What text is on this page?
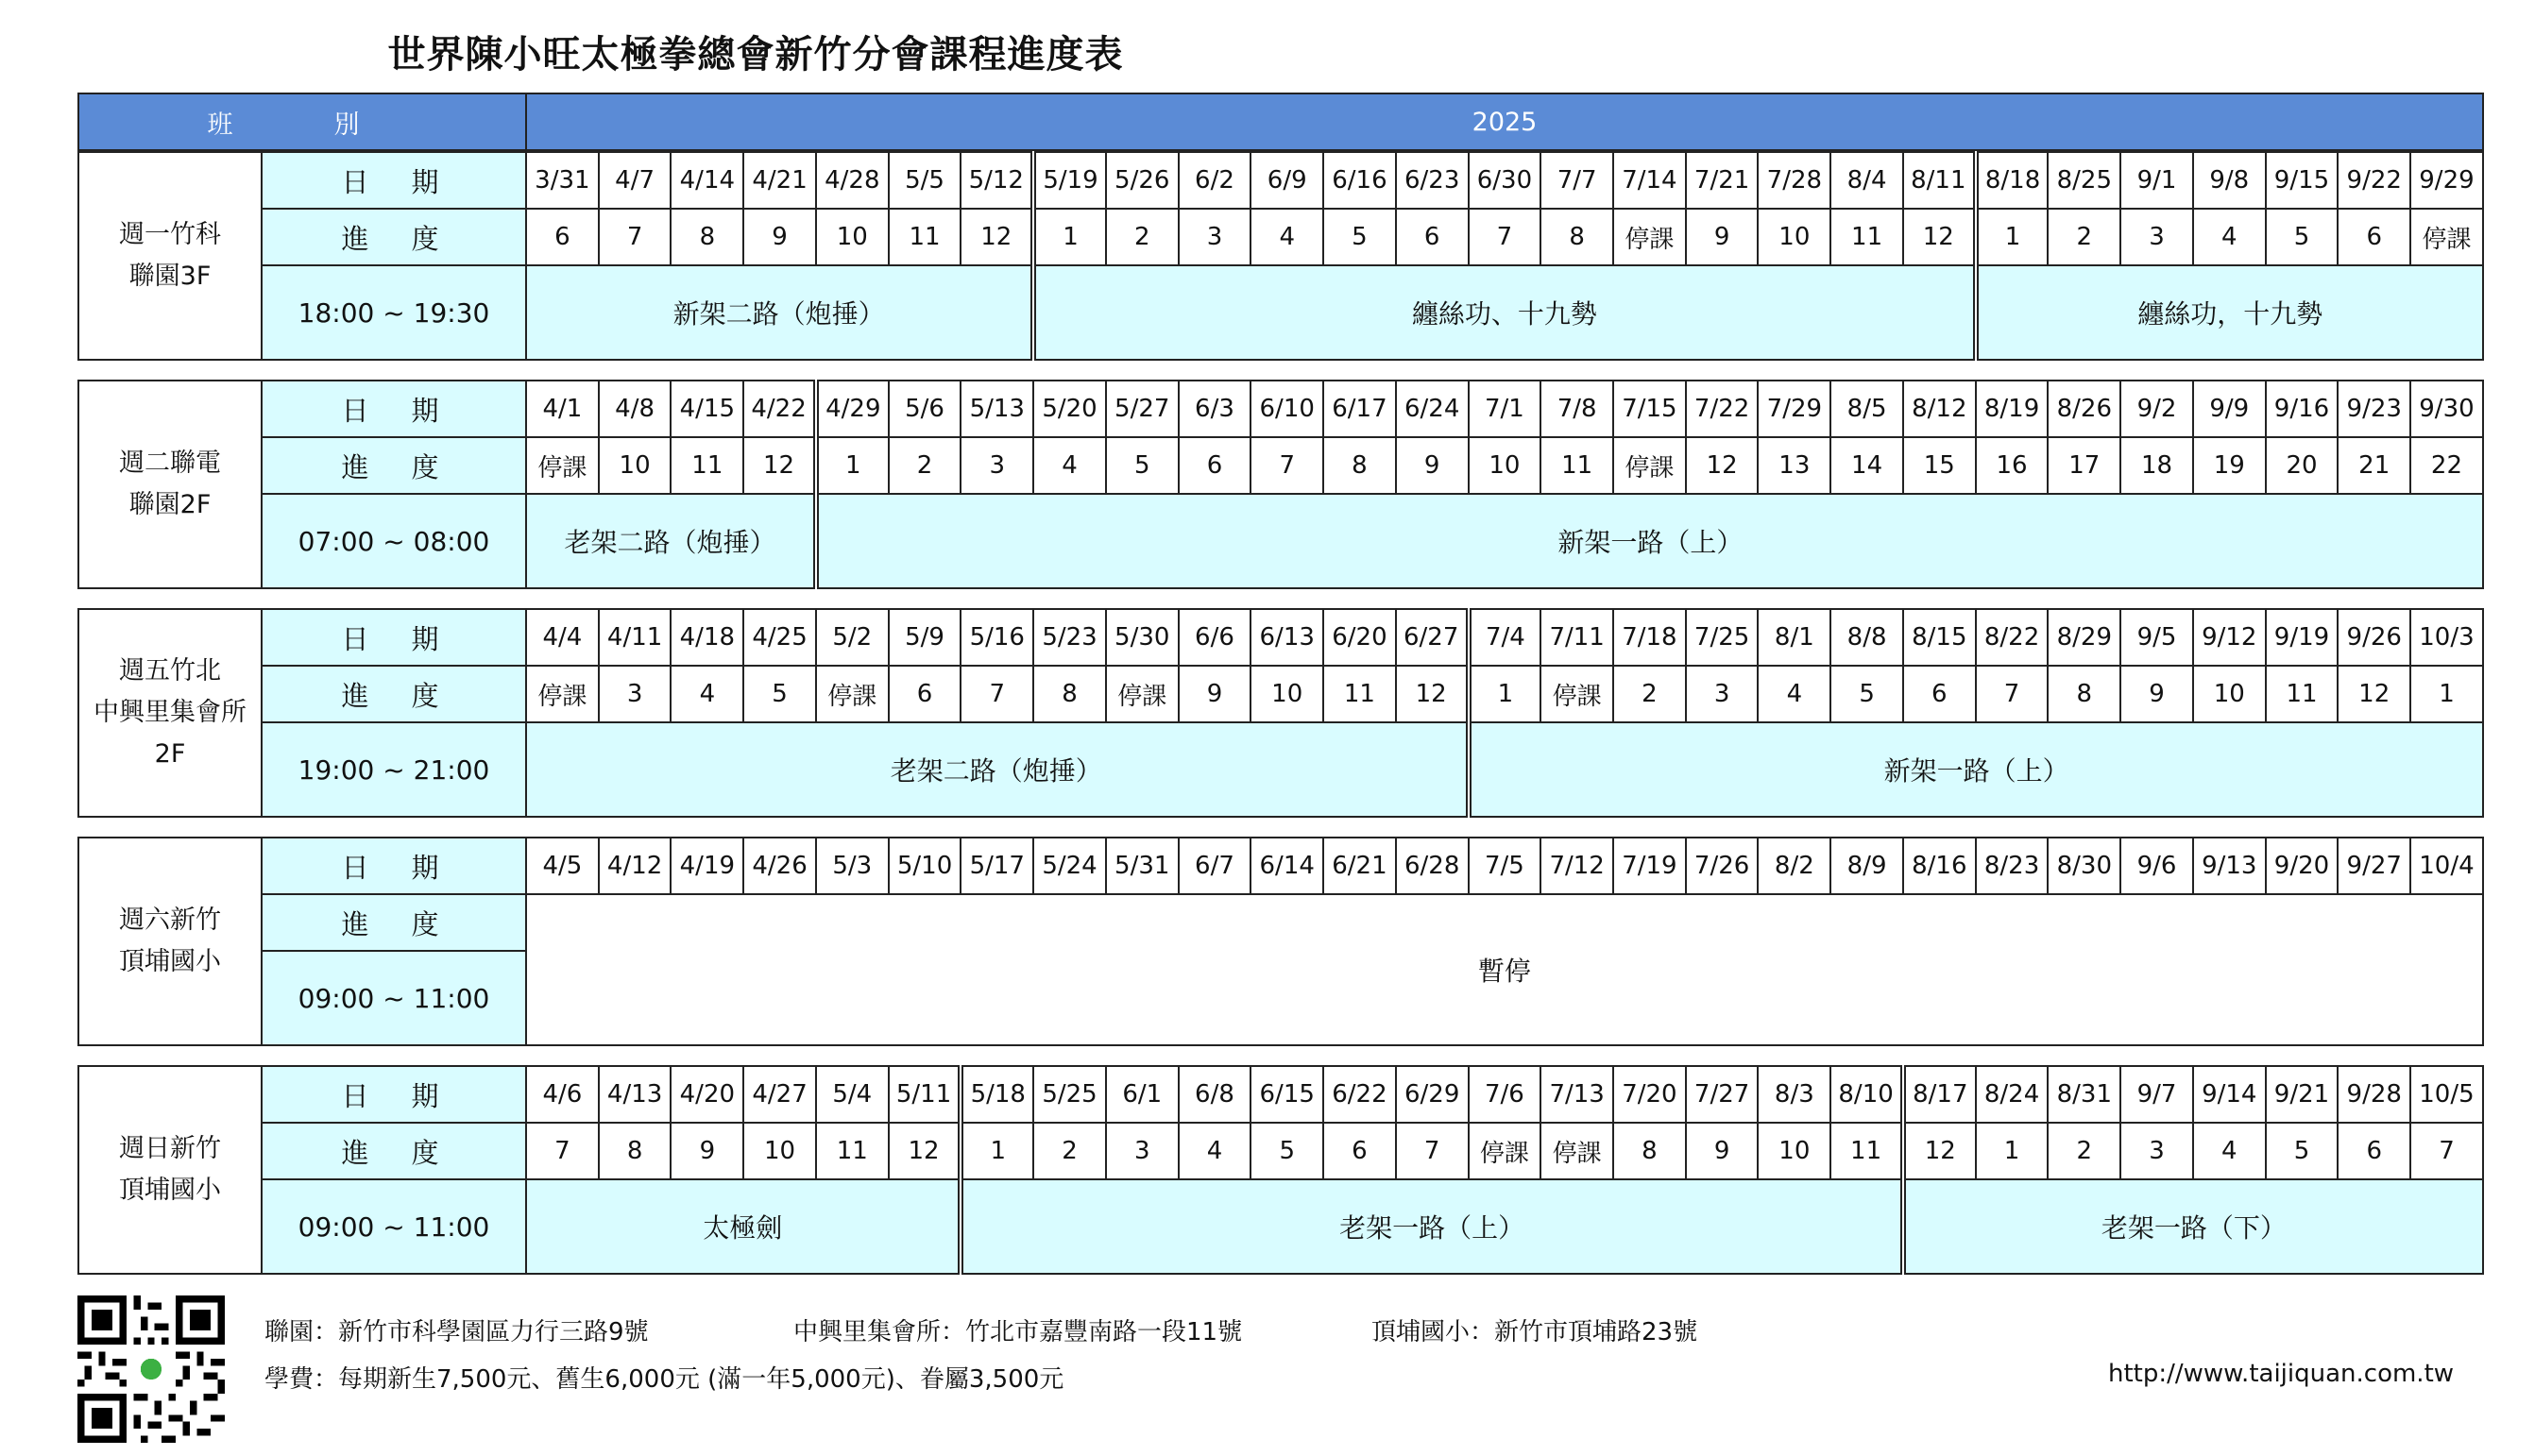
世界陳小旺太極拳總會新竹分會課程進度表
班　別	2025
週一竹科
聯園3F	日　期	3/31	4/7	4/14	4/21	4/28	5/5	5/12	5/19	5/26	6/2	6/9	6/16	6/23	6/30	7/7	7/14	7/21	7/28	8/4	8/11	8/18	8/25	9/1	9/8	9/15	9/22	9/29
	進　度	6	7	8	9	10	11	12	1	2	3	4	5	6	7	8	停課	9	10	11	12	1	2	3	4	5	6	停課
	18:00 ~ 19:30	新架二路（炮捶）							纏絲功、十九勢													纏絲功，十九勢						
週二聯電
聯園2F	日　期	4/1	4/8	4/15	4/22	4/29	5/6	5/13	5/20	5/27	6/3	6/10	6/17	6/24	7/1	7/8	7/15	7/22	7/29	8/5	8/12	8/19	8/26	9/2	9/9	9/16	9/23	9/30
	進　度	停課	10	11	12	1	2	3	4	5	6	7	8	9	10	11	停課	12	13	14	15	16	17	18	19	20	21	22
	07:00 ~ 08:00	老架二路（炮捶）				新架一路（上）																						
週五竹北
中興里集會所
2F	日　期	4/4	4/11	4/18	4/25	5/2	5/9	5/16	5/23	5/30	6/6	6/13	6/20	6/27	7/4	7/11	7/18	7/25	8/1	8/8	8/15	8/22	8/29	9/5	9/12	9/19	9/26	10/3
	進　度	停課	3	4	5	停課	6	7	8	停課	9	10	11	12	1	停課	2	3	4	5	6	7	8	9	10	11	12	1
	19:00 ~ 21:00	老架二路（炮捶）													新架一路（上）													
週六新竹
頂埔國小	日　期	4/5	4/12	4/19	4/26	5/3	5/10	5/17	5/24	5/31	6/7	6/14	6/21	6/28	7/5	7/12	7/19	7/26	8/2	8/9	8/16	8/23	8/30	9/6	9/13	9/20	9/27	10/4
	進　度	暫停																										
	09:00 ~ 11:00																											
週日新竹
頂埔國小	日　期	4/6	4/13	4/20	4/27	5/4	5/11	5/18	5/25	6/1	6/8	6/15	6/22	6/29	7/6	7/13	7/20	7/27	8/3	8/10	8/17	8/24	8/31	9/7	9/14	9/21	9/28	10/5
	進　度	7	8	9	10	11	12	1	2	3	4	5	6	7	停課	停課	8	9	10	11	12	1	2	3	4	5	6	7
	09:00 ~ 11:00	太極劍						老架一路（上）													老架一路（下）							
聯園：新竹市科學園區力行三路9號	中興里集會所：竹北市嘉豐南路一段11號	頂埔國小：新竹市頂埔路23號
學費：每期新生7,500元、舊生6,000元 (滿一年5,000元)、眷屬3,500元	http://www.taijiquan.com.tw
